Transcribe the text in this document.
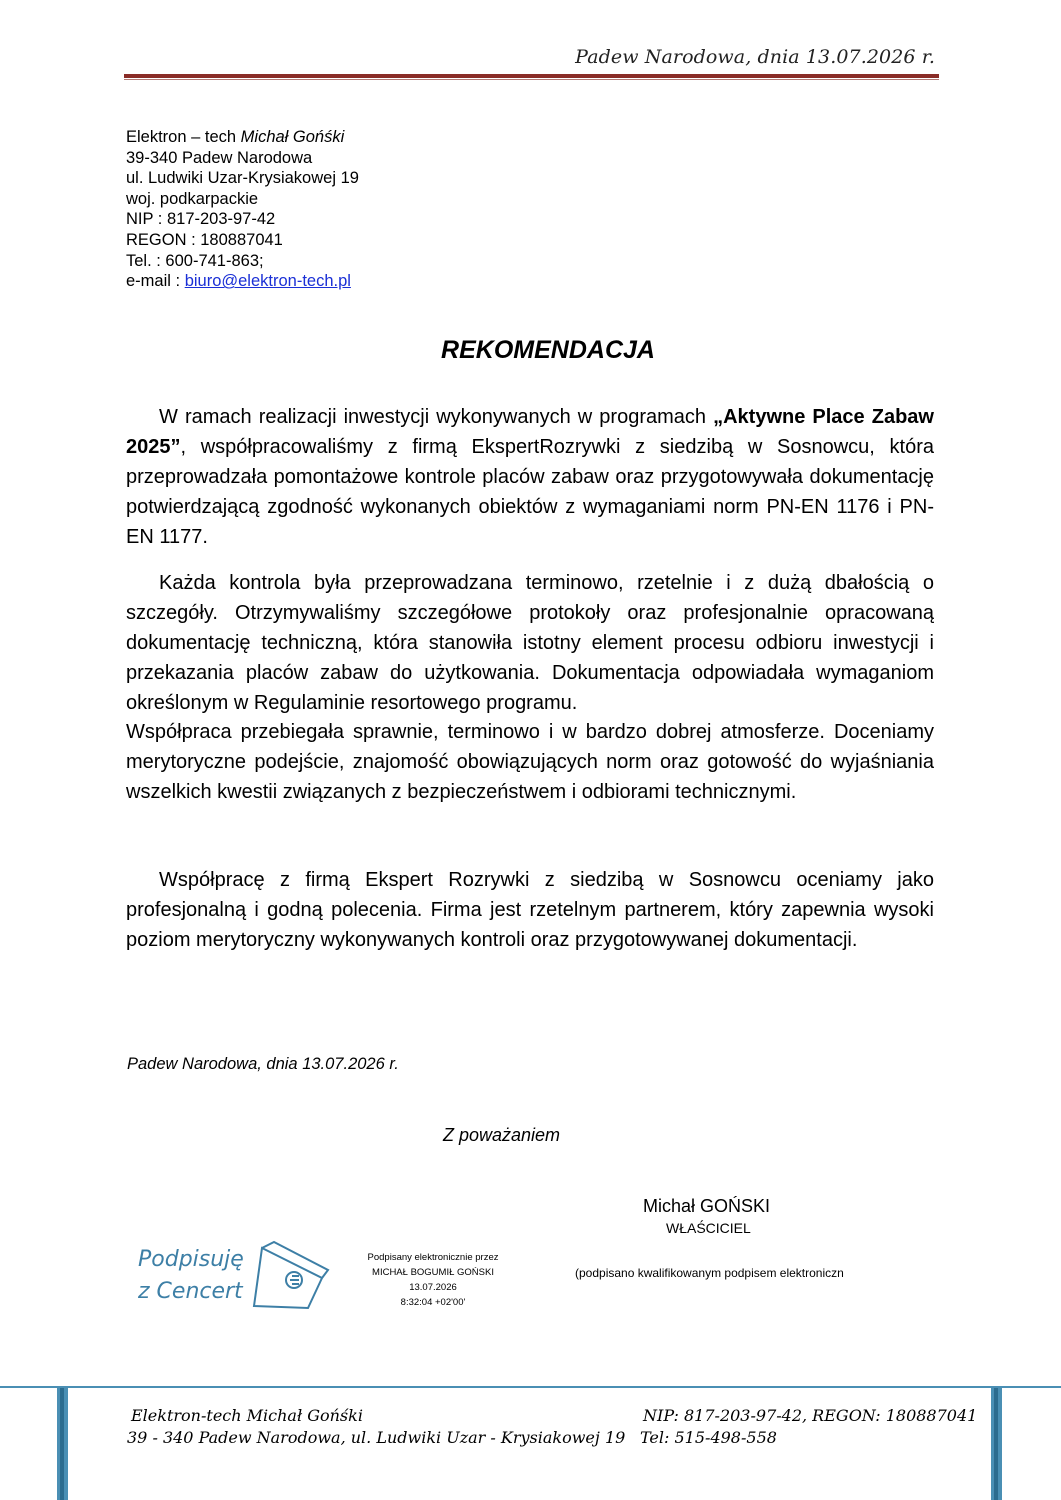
Padew Narodowa, dnia 13.07.2026 r.
Elektron – tech Michał Gońśki
39-340 Padew Narodowa
ul. Ludwiki Uzar-Krysiakowej 19
woj. podkarpackie
NIP : 817-203-97-42
REGON : 180887041
Tel. : 600-741-863;
e-mail : biuro@elektron-tech.pl
REKOMENDACJA
W ramach realizacji inwestycji wykonywanych w programach „Aktywne Place Zabaw 2025”, współpracowaliśmy z firmą EkspertRozrywki z siedzibą w Sosnowcu, która przeprowadzała pomontażowe kontrole placów zabaw oraz przygotowywała dokumentację potwierdzającą zgodność wykonanych obiektów z wymaganiami norm PN-EN 1176 i PN-EN 1177.
Każda kontrola była przeprowadzana terminowo, rzetelnie i z dużą dbałością o szczegóły. Otrzymywaliśmy szczegółowe protokoły oraz profesjonalnie opracowaną dokumentację techniczną, która stanowiła istotny element procesu odbioru inwestycji i przekazania placów zabaw do użytkowania. Dokumentacja odpowiadała wymaganiom określonym w Regulaminie resortowego programu.
Współpraca przebiegała sprawnie, terminowo i w bardzo dobrej atmosferze. Doceniamy merytoryczne podejście, znajomość obowiązujących norm oraz gotowość do wyjaśniania wszelkich kwestii związanych z bezpieczeństwem i odbiorami technicznymi.
Współpracę z firmą Ekspert Rozrywki z siedzibą w Sosnowcu oceniamy jako profesjonalną i godną polecenia. Firma jest rzetelnym partnerem, który zapewnia wysoki poziom merytoryczny wykonywanych kontroli oraz przygotowywanej dokumentacji.
Padew Narodowa, dnia 13.07.2026 r.
Z poważaniem
Michał GOŃSKI
WŁAŚCICIEL
Podpisuję
z Cencert
Podpisany elektronicznie przez
MICHAŁ BOGUMIŁ GOŃSKI
13.07.2026
8:32:04 +02'00'
(podpisano kwalifikowanym podpisem elektroniczn
Elektron-tech Michał Gońśki
39 - 340 Padew Narodowa, ul. Ludwiki Uzar - Krysiakowej 19
NIP: 817-203-97-42, REGON: 180887041
Tel: 515-498-558
